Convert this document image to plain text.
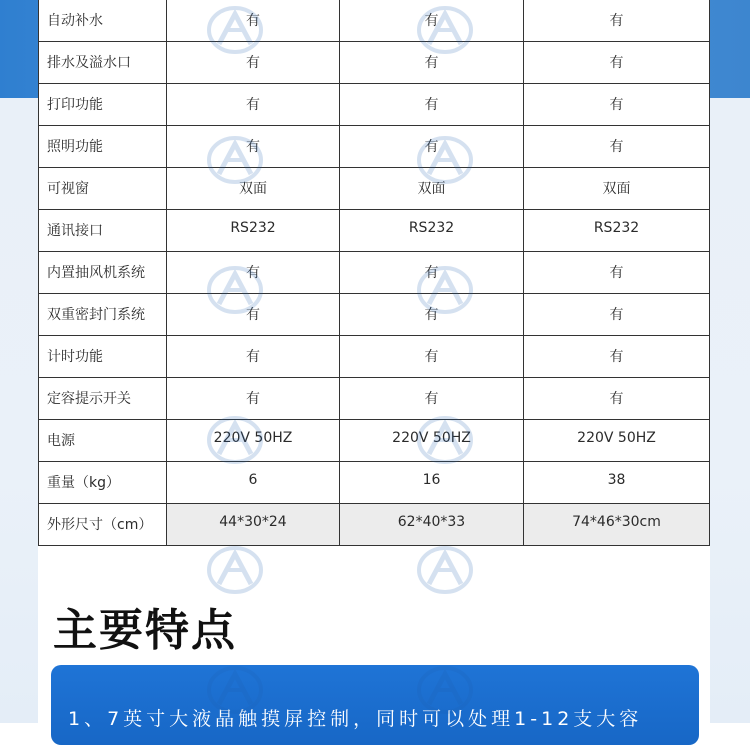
自动补水	有	有	有
排水及溢水口	有	有	有
打印功能	有	有	有
照明功能	有	有	有
可视窗	双面	双面	双面
通讯接口	RS232	RS232	RS232
内置抽风机系统	有	有	有
双重密封门系统	有	有	有
计时功能	有	有	有
定容提示开关	有	有	有
电源	220V 50HZ	220V 50HZ	220V 50HZ
重量（kg）	6	16	38
外形尺寸（cm）	44*30*24	62*40*33	74*46*30cm
主要特点
1、7英寸大液晶触摸屏控制，同时可以处理1-12支大容
